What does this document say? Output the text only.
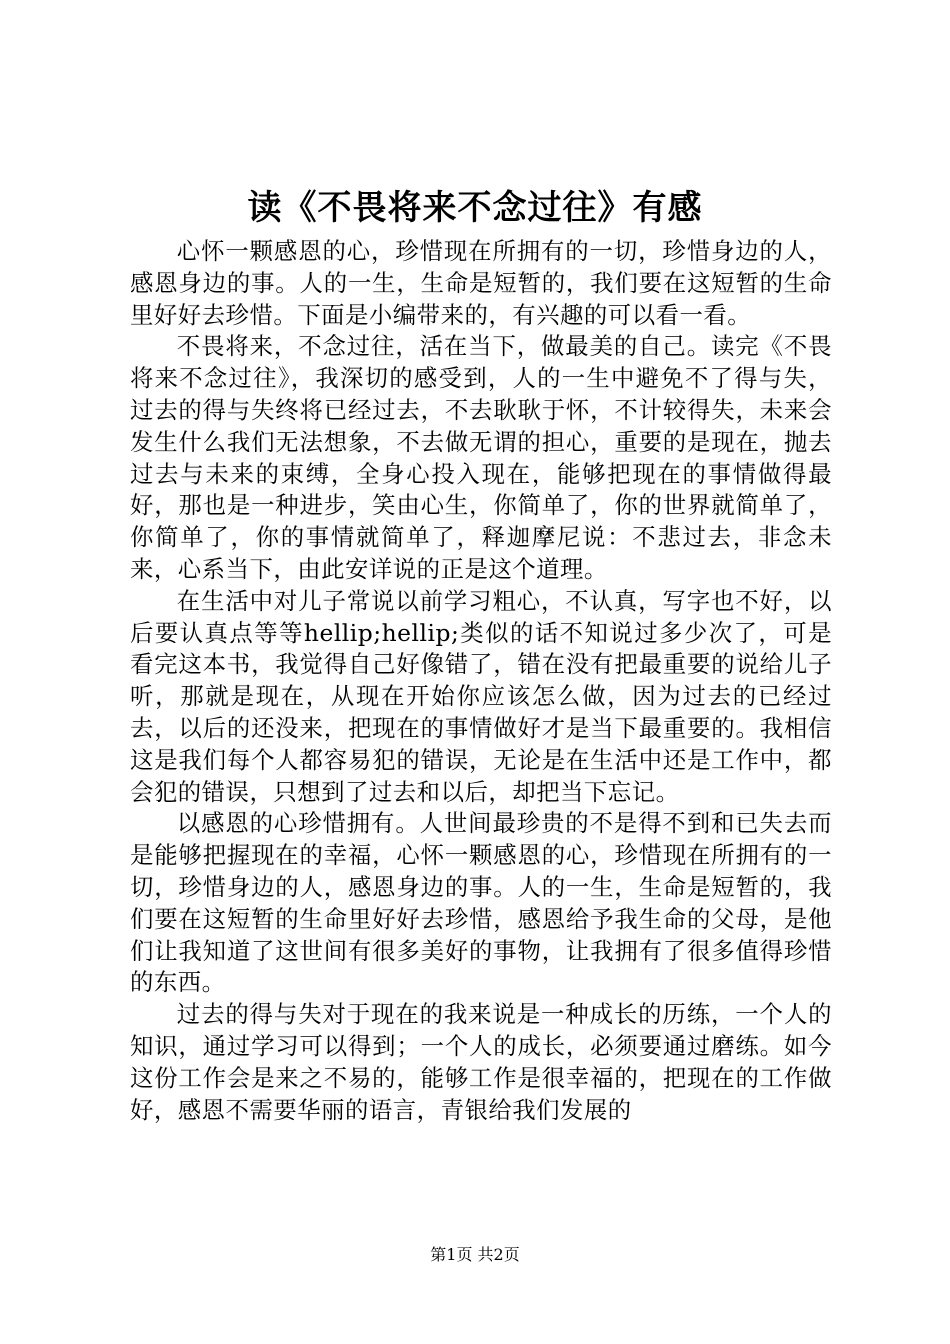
读《不畏将来不念过往》有感

心怀一颗感恩的心，珍惜现在所拥有的一切，珍惜身边的人，感恩身边的事。人的一生，生命是短暂的，我们要在这短暂的生命里好好去珍惜。下面是小编带来的，有兴趣的可以看一看。

不畏将来，不念过往，活在当下，做最美的自己。读完《不畏将来不念过往》，我深切的感受到，人的一生中避免不了得与失，过去的得与失终将已经过去，不去耿耿于怀，不计较得失，未来会发生什么我们无法想象，不去做无谓的担心，重要的是现在，抛去过去与未来的束缚，全身心投入现在，能够把现在的事情做得最好，那也是一种进步，笑由心生，你简单了，你的世界就简单了，你简单了，你的事情就简单了，释迦摩尼说：不悲过去，非念未来，心系当下，由此安详说的正是这个道理。

在生活中对儿子常说以前学习粗心，不认真，写字也不好，以后要认真点等等hellip;hellip;类似的话不知说过多少次了，可是看完这本书，我觉得自己好像错了，错在没有把最重要的说给儿子听，那就是现在，从现在开始你应该怎么做，因为过去的已经过去，以后的还没来，把现在的事情做好才是当下最重要的。我相信这是我们每个人都容易犯的错误，无论是在生活中还是工作中，都会犯的错误，只想到了过去和以后，却把当下忘记。

以感恩的心珍惜拥有。人世间最珍贵的不是得不到和已失去而是能够把握现在的幸福，心怀一颗感恩的心，珍惜现在所拥有的一切，珍惜身边的人，感恩身边的事。人的一生，生命是短暂的，我们要在这短暂的生命里好好去珍惜，感恩给予我生命的父母，是他们让我知道了这世间有很多美好的事物，让我拥有了很多值得珍惜的东西。

过去的得与失对于现在的我来说是一种成长的历练，一个人的知识，通过学习可以得到；一个人的成长，必须要通过磨练。如今这份工作会是来之不易的，能够工作是很幸福的，把现在的工作做好，感恩不需要华丽的语言，青银给我们发展的

第1页 共2页
